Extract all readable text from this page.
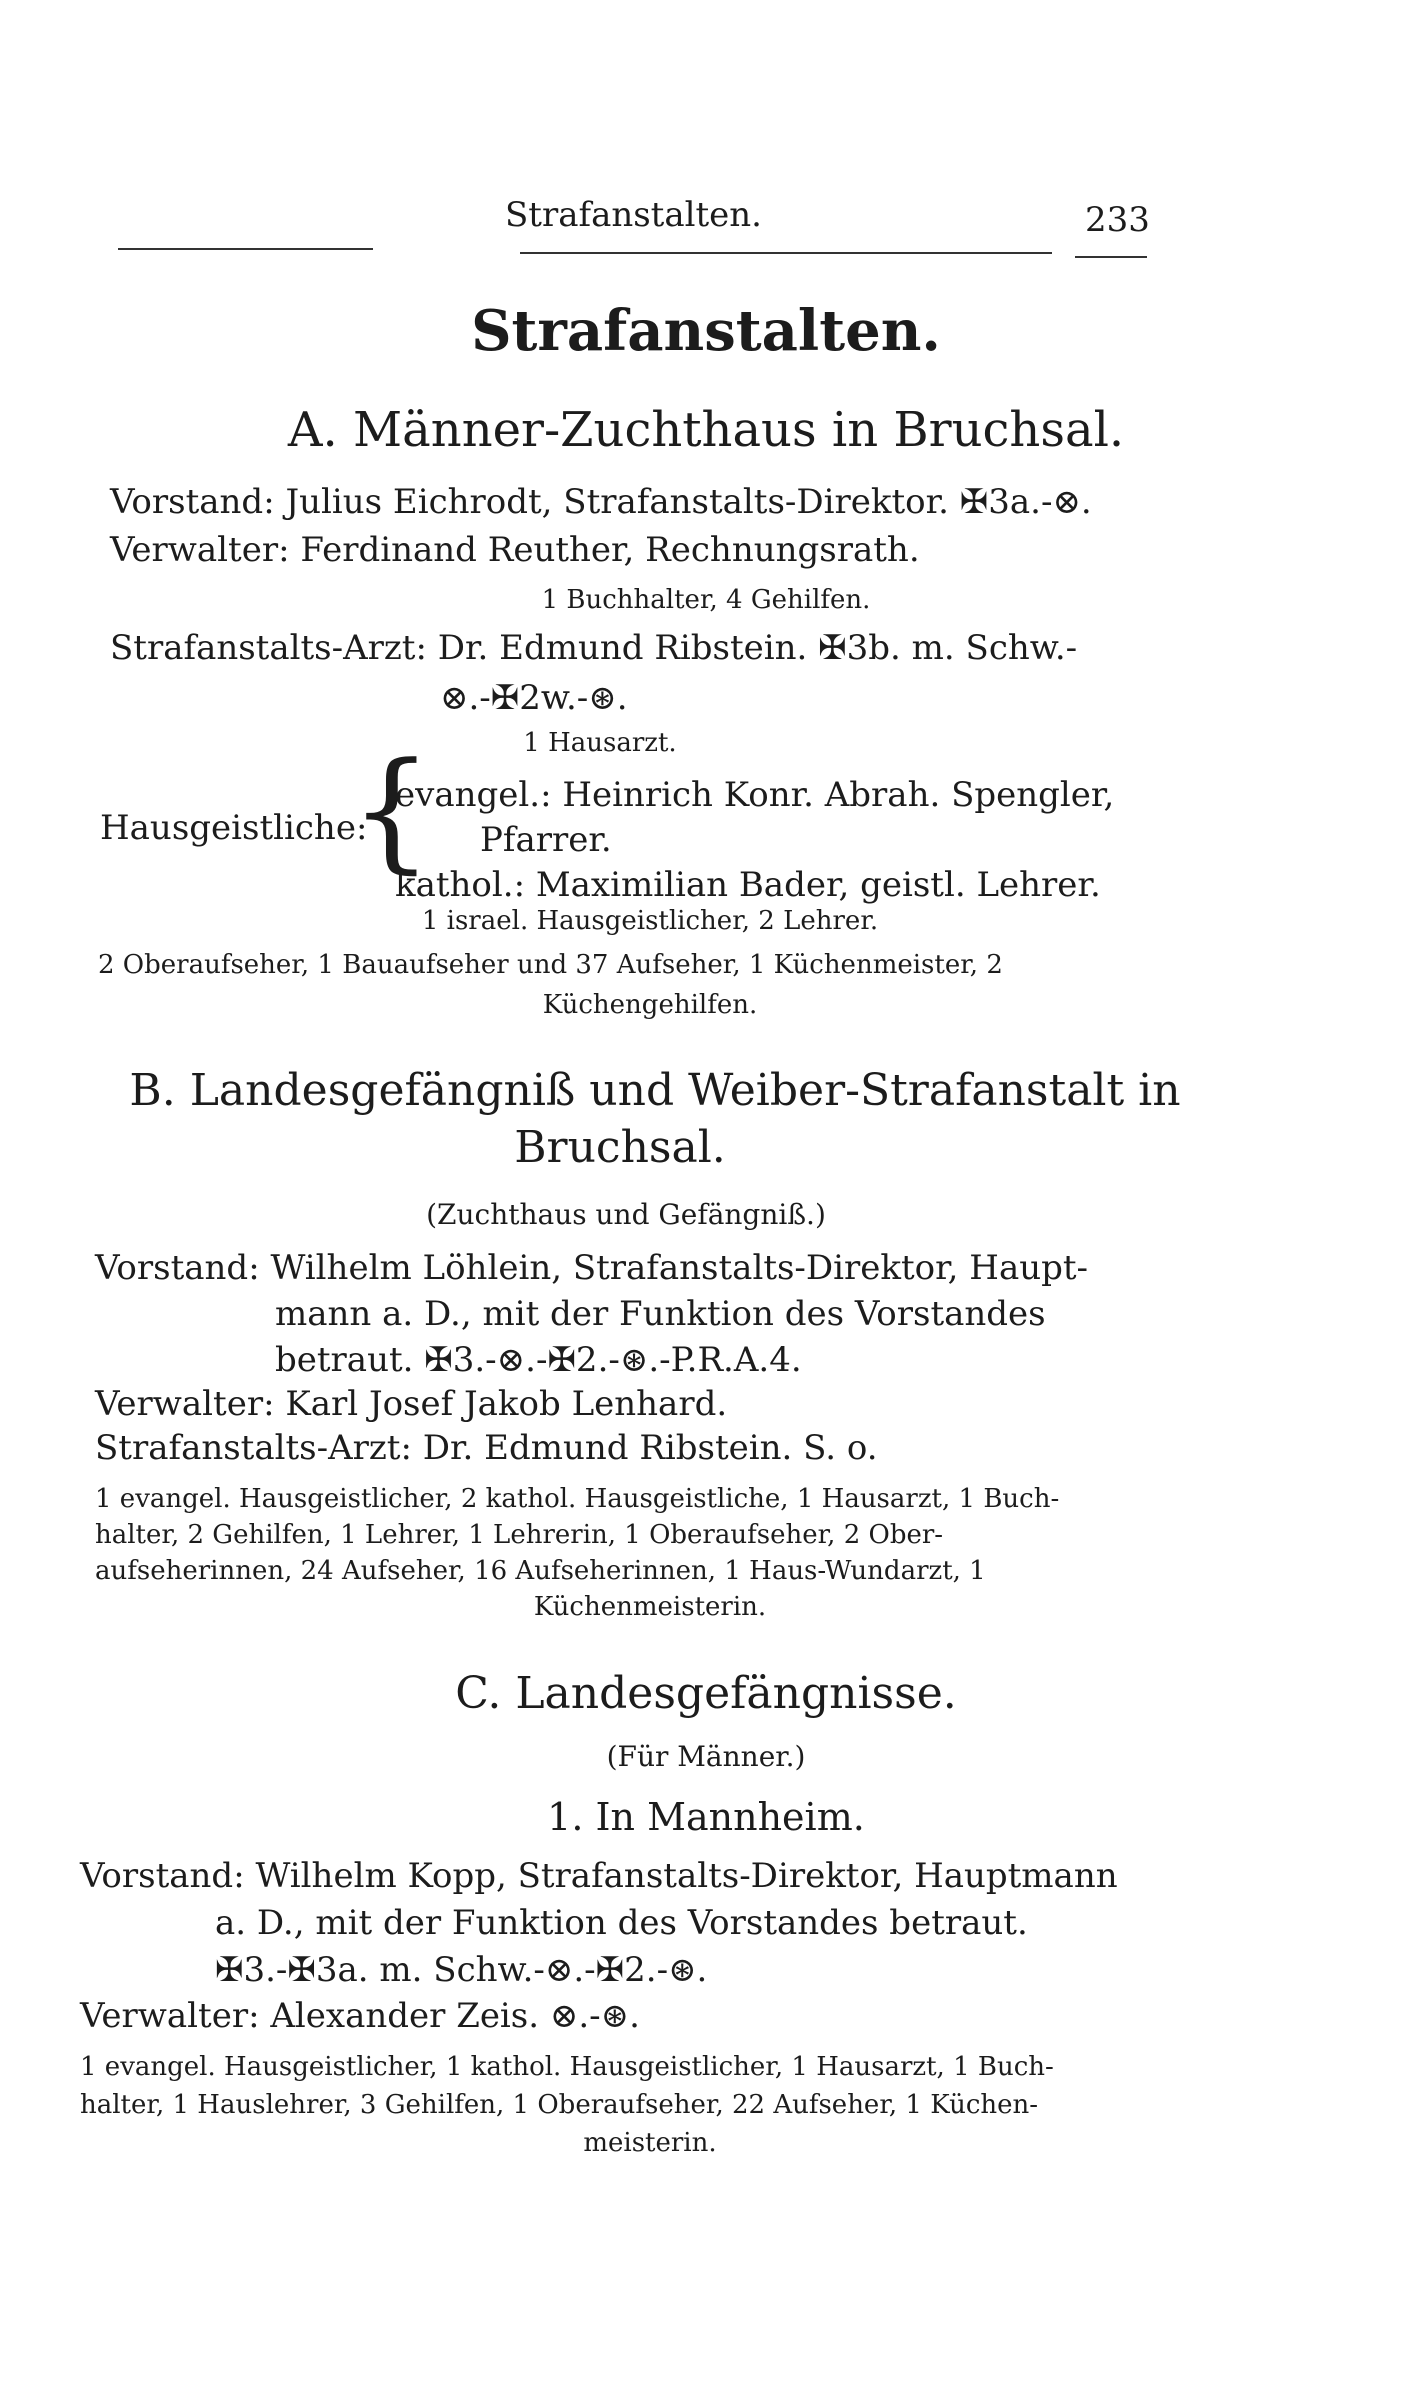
Strafanstalten.	233
Strafanstalten.
A. Männer-Zuchthaus in Bruchsal.
Vorstand: Julius Eichrodt, Strafanstalts-Direktor. ✠3a.-⊗.
Verwalter: Ferdinand Reuther, Rechnungsrath.
1 Buchhalter, 4 Gehilfen.
Strafanstalts-Arzt: Dr. Edmund Ribstein. ✠3b. m. Schw.-
⊗.-✠2w.-⊛.
1 Hausarzt.
Hausgeistliche:
{
evangel.: Heinrich Konr. Abrah. Spengler,
Pfarrer.
kathol.: Maximilian Bader, geistl. Lehrer.
1 israel. Hausgeistlicher, 2 Lehrer.
2 Oberaufseher, 1 Bauaufseher und 37 Aufseher, 1 Küchenmeister, 2
Küchengehilfen.
B. Landesgefängniß und Weiber-Strafanstalt in
Bruchsal.
(Zuchthaus und Gefängniß.)
Vorstand: Wilhelm Löhlein, Strafanstalts-Direktor, Haupt-
mann a. D., mit der Funktion des Vorstandes
betraut. ✠3.-⊗.-✠2.-⊛.-P.R.A.4.
Verwalter: Karl Josef Jakob Lenhard.
Strafanstalts-Arzt: Dr. Edmund Ribstein. S. o.
1 evangel. Hausgeistlicher, 2 kathol. Hausgeistliche, 1 Hausarzt, 1 Buch-
halter, 2 Gehilfen, 1 Lehrer, 1 Lehrerin, 1 Oberaufseher, 2 Ober-
aufseherinnen, 24 Aufseher, 16 Aufseherinnen, 1 Haus-Wundarzt, 1
Küchenmeisterin.
C. Landesgefängnisse.
(Für Männer.)
1. In Mannheim.
Vorstand: Wilhelm Kopp, Strafanstalts-Direktor, Hauptmann
a. D., mit der Funktion des Vorstandes betraut.
✠3.-✠3a. m. Schw.-⊗.-✠2.-⊛.
Verwalter: Alexander Zeis. ⊗.-⊛.
1 evangel. Hausgeistlicher, 1 kathol. Hausgeistlicher, 1 Hausarzt, 1 Buch-
halter, 1 Hauslehrer, 3 Gehilfen, 1 Oberaufseher, 22 Aufseher, 1 Küchen-
meisterin.
